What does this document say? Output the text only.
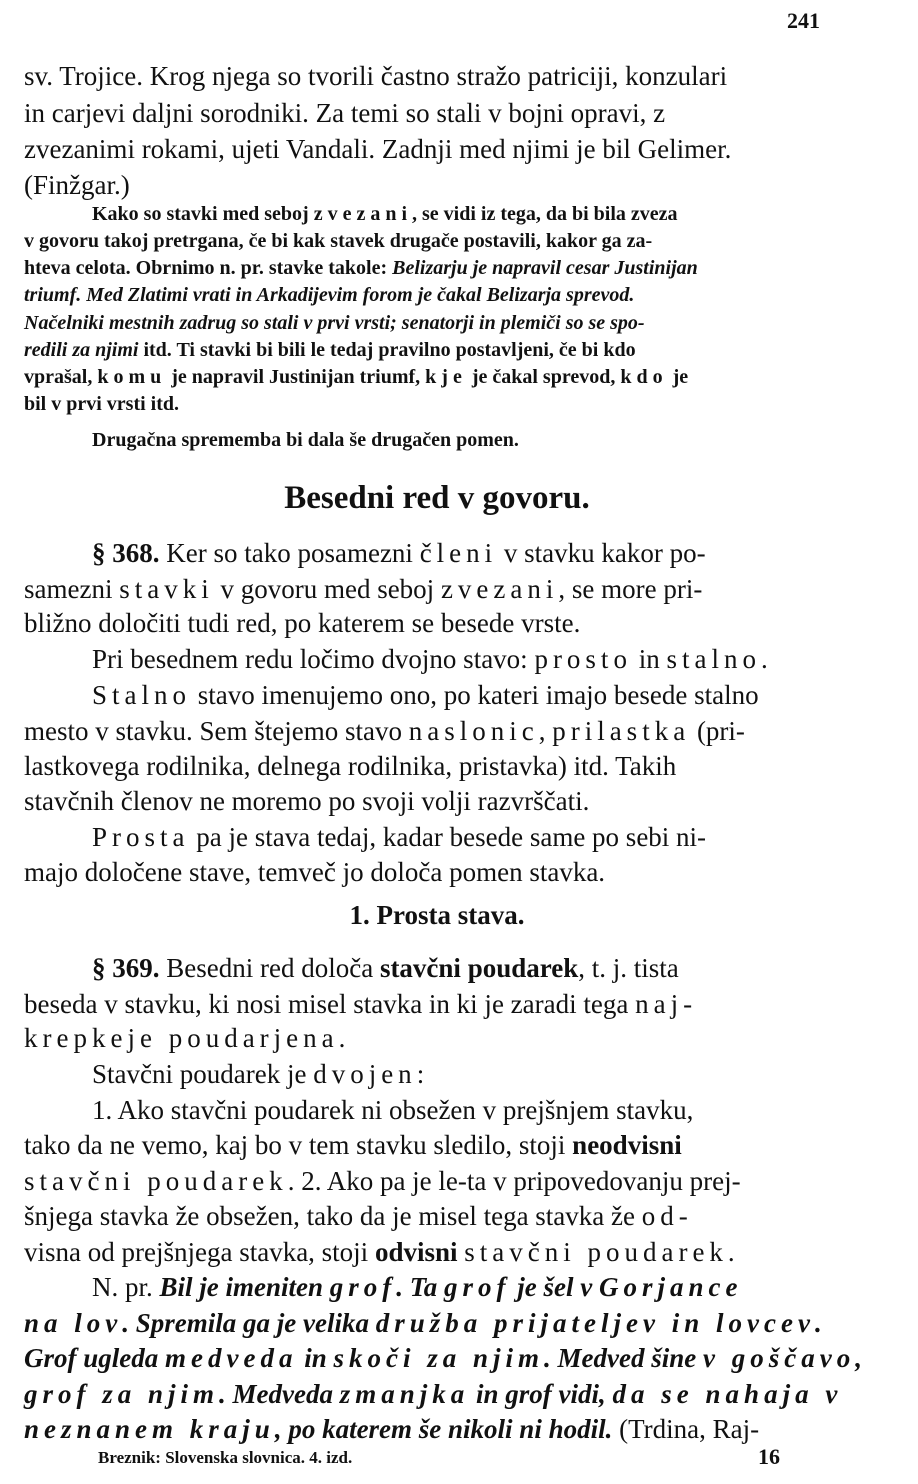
241
sv. Trojice. Krog njega so tvorili častno stražo patriciji, konzulari
in carjevi daljni sorodniki. Za temi so stali v bojni opravi, z
zvezanimi rokami, ujeti Vandali. Zadnji med njimi je bil Gelimer.
(Finžgar.)
Kako so stavki med seboj zvezani, se vidi iz tega, da bi bila zveza
v govoru takoj pretrgana, če bi kak stavek drugače postavili, kakor ga za-
hteva celota. Obrnimo n. pr. stavke takole: Belizarju je napravil cesar Justinijan
triumf. Med Zlatimi vrati in Arkadijevim forom je čakal Belizarja sprevod.
Načelniki mestnih zadrug so stali v prvi vrsti; senatorji in plemiči so se spo-
redili za njimi itd. Ti stavki bi bili le tedaj pravilno postavljeni, če bi kdo
vprašal, komu je napravil Justinijan triumf, kje je čakal sprevod, kdo je
bil v prvi vrsti itd.
Drugačna sprememba bi dala še drugačen pomen.
Besedni red v govoru.
§ 368. Ker so tako posamezni členi v stavku kakor po-
samezni stavki v govoru med seboj zvezani, se more pri-
bližno določiti tudi red, po katerem se besede vrste.
Pri besednem redu ločimo dvojno stavo: prosto in stalno.
Stalno stavo imenujemo ono, po kateri imajo besede stalno
mesto v stavku. Sem štejemo stavo naslonic, prilastka (pri-
lastkovega rodilnika, delnega rodilnika, pristavka) itd. Takih
stavčnih členov ne moremo po svoji volji razvrščati.
Prosta pa je stava tedaj, kadar besede same po sebi ni-
majo določene stave, temveč jo določa pomen stavka.
1. Prosta stava.
§ 369. Besedni red določa stavčni poudarek, t. j. tista
beseda v stavku, ki nosi misel stavka in ki je zaradi tega naj-
krepkeje poudarjena.
Stavčni poudarek je dvojen:
1. Ako stavčni poudarek ni obsežen v prejšnjem stavku,
tako da ne vemo, kaj bo v tem stavku sledilo, stoji neodvisni
stavčni poudarek. 2. Ako pa je le-ta v pripovedovanju prej-
šnjega stavka že obsežen, tako da je misel tega stavka že od-
visna od prejšnjega stavka, stoji odvisni stavčni poudarek.
N. pr. Bil je imeniten grof. Ta grof je šel v Gorjance
na lov. Spremila ga je velika družba prijateljev in lovcev.
Grof ugleda medveda in skoči za njim. Medved šine v goščavo,
grof za njim. Medveda zmanjka in grof vidi, da se nahaja v
neznanem kraju, po katerem še nikoli ni hodil. (Trdina, Raj-
Breznik: Slovenska slovnica. 4. izd.	16
